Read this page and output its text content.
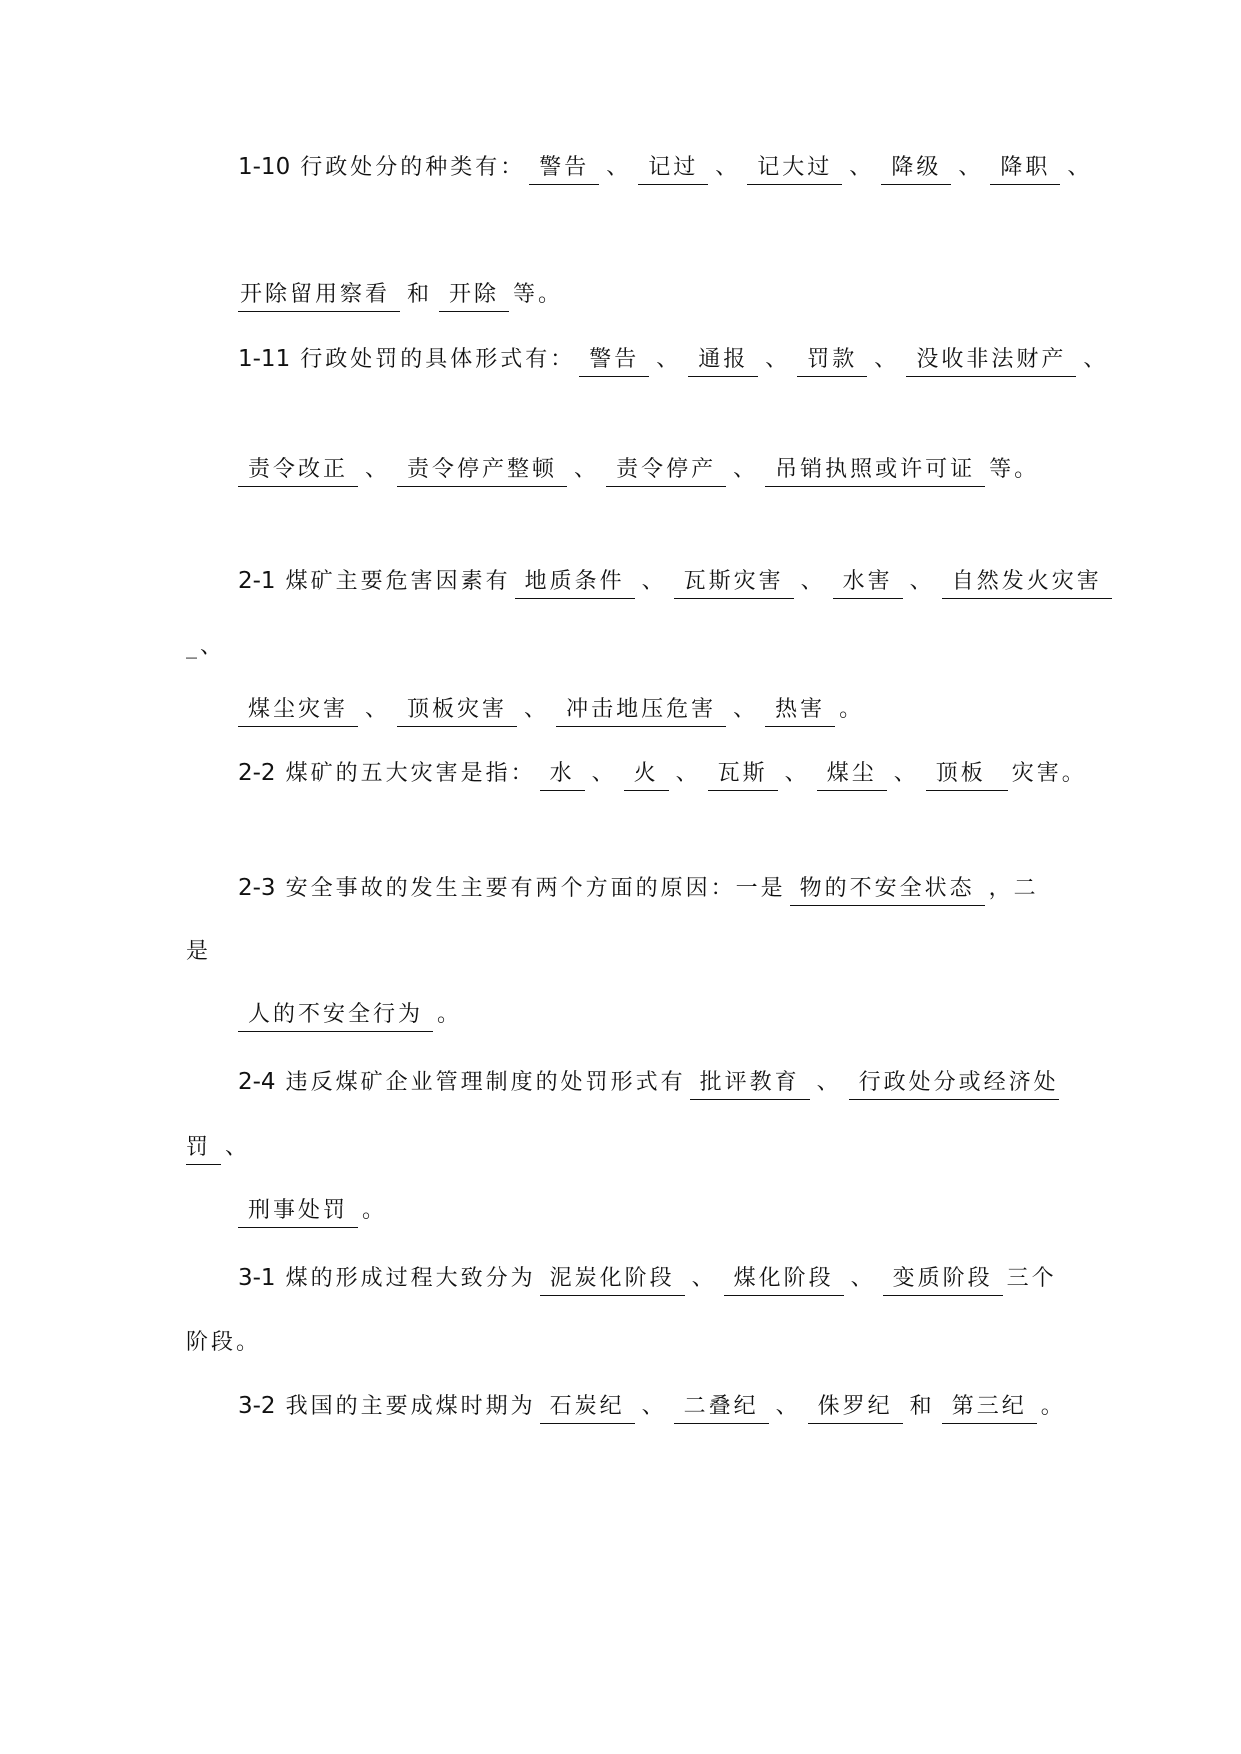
1-10 行政处分的种类有： 警告 、 记过 、 记大过 、 降级 、 降职 、
开除留用察看 和 开除 等。
1-11 行政处罚的具体形式有： 警告 、 通报 、 罚款 、 没收非法财产 、
责令改正 、 责令停产整顿 、 责令停产 、 吊销执照或许可证 等。
2-1 煤矿主要危害因素有 地质条件 、 瓦斯灾害 、 水害 、 自然发火灾害
_、
煤尘灾害 、 顶板灾害 、 冲击地压危害 、 热害 。
2-2 煤矿的五大灾害是指： 水 、 火 、 瓦斯 、 煤尘 、 顶板 灾害。
2-3 安全事故的发生主要有两个方面的原因：一是 物的不安全状态 ，二
是
人的不安全行为 。
2-4 违反煤矿企业管理制度的处罚形式有 批评教育 、 行政处分或经济处
罚 、
刑事处罚 。
3-1 煤的形成过程大致分为 泥炭化阶段 、 煤化阶段 、 变质阶段 三个
阶段。
3-2 我国的主要成煤时期为 石炭纪 、 二叠纪 、 侏罗纪 和 第三纪 。
